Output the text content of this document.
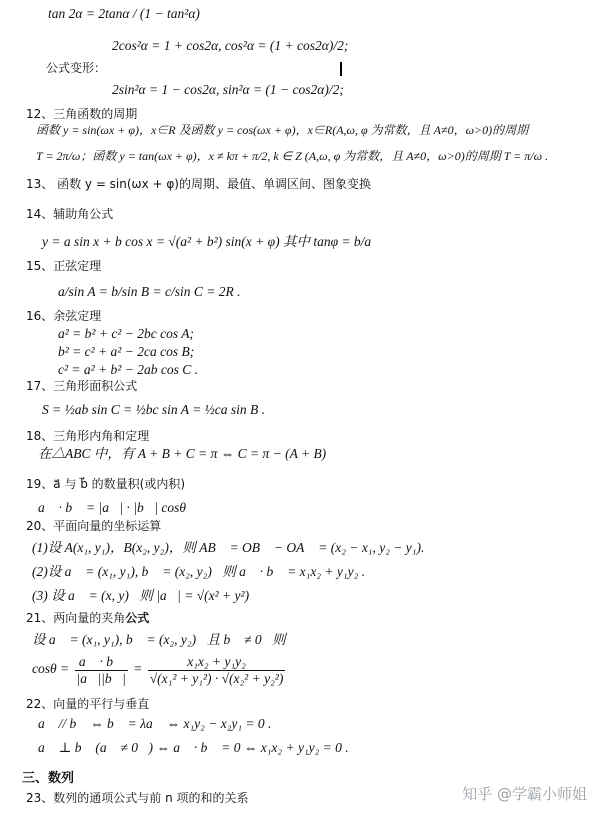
tan 2α = 2tanα / (1 − tan²α)
2cos²α = 1 + cos2α, cos²α = (1 + cos2α)/2;
公式变形：
2sin²α = 1 − cos2α, sin²α = (1 − cos2α)/2;
12、三角函数的周期
函数 y = sin(ωx + φ)，x∈R 及函数 y = cos(ωx + φ)，x∈R(A,ω, φ 为常数，且 A≠0，ω>0)的周期
T = 2π/ω；函数 y = tan(ωx + φ)，x ≠ kπ + π/2, k ∈ Z (A,ω, φ 为常数，且 A≠0，ω>0)的周期 T = π/ω .
13、 函数 y = sin(ωx + φ)的周期、最值、单调区间、图象变换
14、辅助角公式
y = a sin x + b cos x = √(a² + b²) sin(x + φ) 其中 tanφ = b/a
15、正弦定理
a/sin A = b/sin B = c/sin C = 2R .
16、余弦定理
a² = b² + c² − 2bc cos A;
b² = c² + a² − 2ca cos B;
c² = a² + b² − 2ab cos C .
17、三角形面积公式
S = ½ab sin C = ½bc sin A = ½ca sin B .
18、三角形内角和定理
在△ABC 中，有 A + B + C = π ⇔ C = π − (A + B)
19、a⃗ 与 b⃗ 的数量积(或内积)
a⃗ · b⃗ = |a⃗| · |b⃗| cosθ
20、平面向量的坐标运算
(1)设 A(x₁, y₁)，B(x₂, y₂)，则 AB⃗ = OB⃗ − OA⃗ = (x₂ − x₁, y₂ − y₁).
(2)设 a⃗ = (x₁, y₁), b⃗ = (x₂, y₂)，则 a⃗ · b⃗ = x₁x₂ + y₁y₂ .
(3) 设 a⃗ = (x, y)，则 |a⃗| = √(x² + y²)
21、两向量的夹角公式
设 a⃗ = (x₁, y₁), b⃗ = (x₂, y₂)，且 b⃗ ≠ 0，则
$\cos\theta = \frac{a⃗ \cdot b⃗}{|a⃗||b⃗|} = \frac{\text{x₁x₂ + y₁y₂}}{\text{√(x₁² + y₁²) · √(x₂² + y₂²)}}$
22、向量的平行与垂直
a⃗ // b⃗ ⇔ b⃗ = λa⃗ ⇔ x₁y₂ − x₂y₁ = 0 .
a⃗ ⊥ b⃗ (a⃗ ≠ 0⃗) ⇔ a⃗ · b⃗ = 0 ⇔ x₁x₂ + y₁y₂ = 0 .
三、数列
23、数列的通项公式与前 n 项的和的关系	知乎 @学霸小师姐
